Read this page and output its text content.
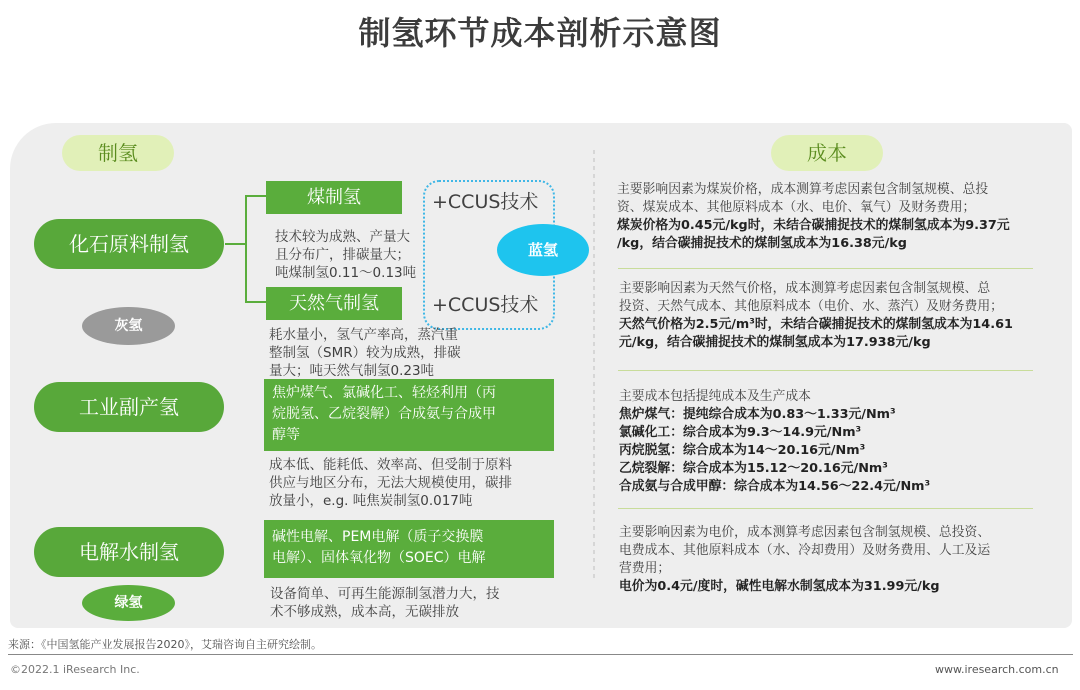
制氢环节成本剖析示意图
制氢	成本
化石原料制氢
工业副产氢
电解水制氢
灰氢
绿氢
+CCUS技术
+CCUS技术
蓝氢
煤制氢
技术较为成熟、产量大
且分布广，排碳量大；
吨煤制氢0.11～0.13吨
天然气制氢
耗水量小，氢气产率高，蒸汽重
整制氢（SMR）较为成熟，排碳
量大；吨天然气制氢0.23吨
焦炉煤气、氯碱化工、轻烃利用（丙
烷脱氢、乙烷裂解）合成氨与合成甲
醇等
成本低、能耗低、效率高、但受制于原料
供应与地区分布，无法大规模使用，碳排
放量小，e.g. 吨焦炭制氢0.017吨
碱性电解、PEM电解（质子交换膜
电解）、固体氧化物（SOEC）电解
设备简单、可再生能源制氢潜力大，技
术不够成熟，成本高，无碳排放
主要影响因素为煤炭价格，成本测算考虑因素包含制氢规模、总投
资、煤炭成本、其他原料成本（水、电价、氧气）及财务费用；
煤炭价格为0.45元/kg时，未结合碳捕捉技术的煤制氢成本为9.37元
/kg，结合碳捕捉技术的煤制氢成本为16.38元/kg
主要影响因素为天然气价格，成本测算考虑因素包含制氢规模、总
投资、天然气成本、其他原料成本（电价、水、蒸汽）及财务费用；
天然气价格为2.5元/m³时，未结合碳捕捉技术的煤制氢成本为14.61
元/kg，结合碳捕捉技术的煤制氢成本为17.938元/kg
主要成本包括提纯成本及生产成本
焦炉煤气：提纯综合成本为0.83～1.33元/Nm³
氯碱化工：综合成本为9.3～14.9元/Nm³
丙烷脱氢：综合成本为14～20.16元/Nm³
乙烷裂解：综合成本为15.12～20.16元/Nm³
合成氨与合成甲醇：综合成本为14.56～22.4元/Nm³
主要影响因素为电价，成本测算考虑因素包含制氢规模、总投资、
电费成本、其他原料成本（水、冷却费用）及财务费用、人工及运
营费用；
电价为0.4元/度时，碱性电解水制氢成本为31.99元/kg
来源：《中国氢能产业发展报告2020》，艾瑞咨询自主研究绘制。
©2022.1 iResearch Inc.	www.iresearch.com.cn
